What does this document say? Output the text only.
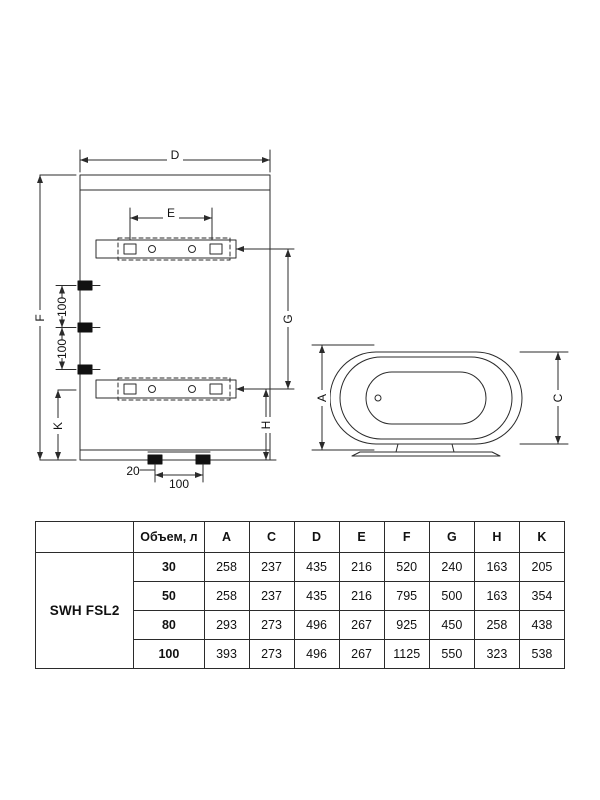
D
E
F
100
100
K
G
H
20
100
A	C
	Объем, л	A	C	D	E	F	G	H	K
SWH FSL2	30	258	237	435	216	520	240	163	205
	50	258	237	435	216	795	500	163	354
	80	293	273	496	267	925	450	258	438
	100	393	273	496	267	1125	550	323	538
